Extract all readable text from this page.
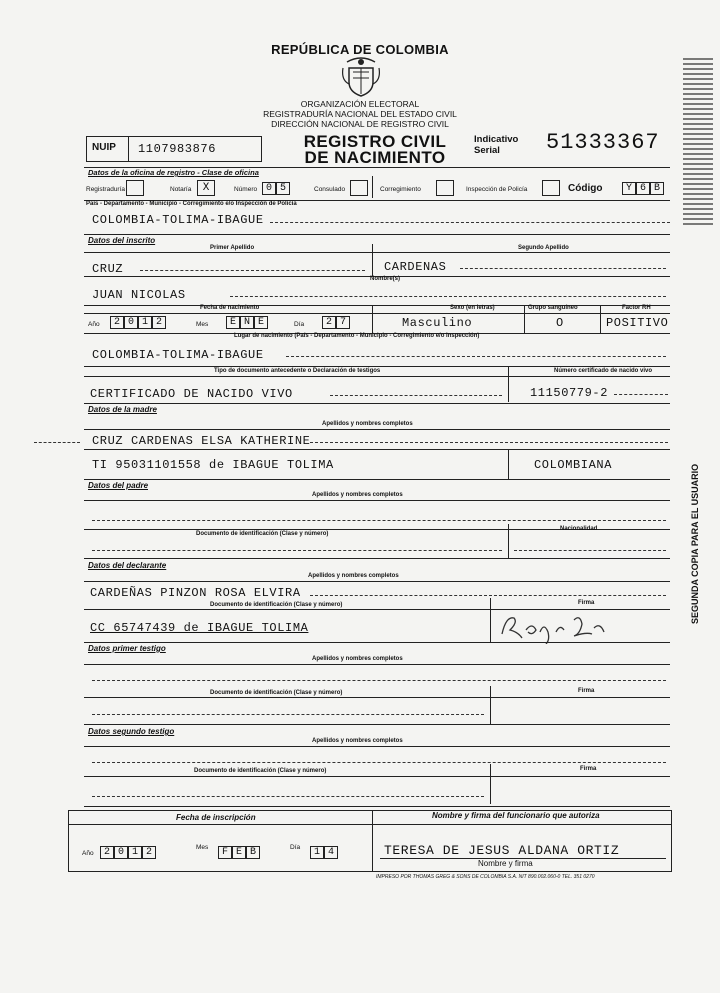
REPÚBLICA DE COLOMBIA
ORGANIZACIÓN ELECTORAL
REGISTRADURÍA NACIONAL DEL ESTADO CIVIL
DIRECCIÓN NACIONAL DE REGISTRO CIVIL
REGISTRO CIVIL
DE NACIMIENTO
NUIP 1107983876
Indicativo
Serial 51333367
Datos de la oficina de registro - Clase de oficina
Registraduría	Notaría	X	Número 0 5	Consulado	Corregimiento	Inspección de Policía	Código	Y 6 B
País - Departamento - Municipio - Corregimiento e/o Inspección de Policía
COLOMBIA-TOLIMA-IBAGUE
Datos del inscrito
Primer Apellido	Segundo Apellido
CRUZ	CARDENAS
Nombre(s)
JUAN NICOLAS
Fecha de nacimiento	Sexo (en letras)	Grupo sanguíneo	Factor RH
Año	2 0 1 2	Mes	E N E	Día	2 7	Masculino	O	POSITIVO
Lugar de nacimiento (País - Departamento - Municipio - Corregimiento e/o Inspección)
COLOMBIA-TOLIMA-IBAGUE
Tipo de documento antecedente o Declaración de testigos	Número certificado de nacido vivo
CERTIFICADO DE NACIDO VIVO	11150779-2
Datos de la madre
Apellidos y nombres completos
CRUZ CARDENAS ELSA KATHERINE
TI 95031101558 de IBAGUE TOLIMA	COLOMBIANA
Datos del padre
Apellidos y nombres completos
Documento de identificación (Clase y número)
Nacionalidad
Datos del declarante
Apellidos y nombres completos
CARDEÑAS PINZON ROSA ELVIRA
Documento de identificación (Clase y número)	Firma
CC 65747439 de IBAGUE TOLIMA
Datos primer testigo
Apellidos y nombres completos
Documento de identificación (Clase y número)	Firma
Datos segundo testigo
Apellidos y nombres completos
Documento de identificación (Clase y número)	Firma
Fecha de inscripción	Nombre y firma del funcionario que autoriza
Año	2 0 1 2	Mes	F E B	Día	1 4	TERESA DE JESUS ALDANA ORTIZ
Nombre y firma
IMPRESO POR THOMAS GREG & SONS DE COLOMBIA S.A. NIT 890.002.060-0 TEL. 351 0270
SEGUNDA COPIA PARA EL USUARIO
